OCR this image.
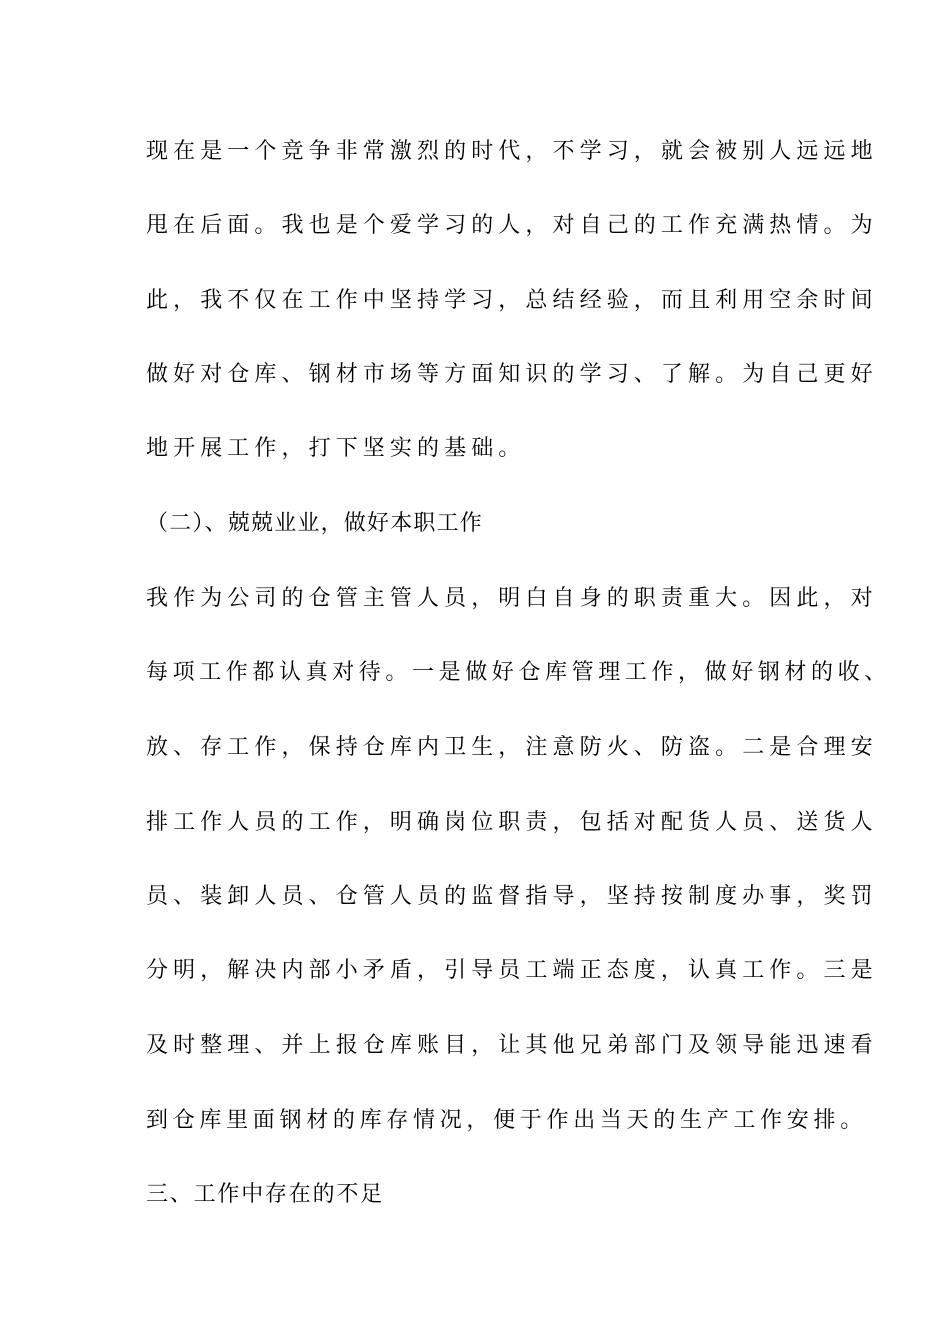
现在是一个竞争非常激烈的时代，不学习，就会被别人远远地
甩在后面。我也是个爱学习的人，对自己的工作充满热情。为
此，我不仅在工作中坚持学习，总结经验，而且利用空余时间
做好对仓库、钢材市场等方面知识的学习、了解。为自己更好
地开展工作，打下坚实的基础。
（二）、兢兢业业，做好本职工作
我作为公司的仓管主管人员，明白自身的职责重大。因此，对
每项工作都认真对待。一是做好仓库管理工作，做好钢材的收、
放、存工作，保持仓库内卫生，注意防火、防盗。二是合理安
排工作人员的工作，明确岗位职责，包括对配货人员、送货人
员、装卸人员、仓管人员的监督指导，坚持按制度办事，奖罚
分明，解决内部小矛盾，引导员工端正态度，认真工作。三是
及时整理、并上报仓库账目，让其他兄弟部门及领导能迅速看
到仓库里面钢材的库存情况，便于作出当天的生产工作安排。
三、工作中存在的不足
